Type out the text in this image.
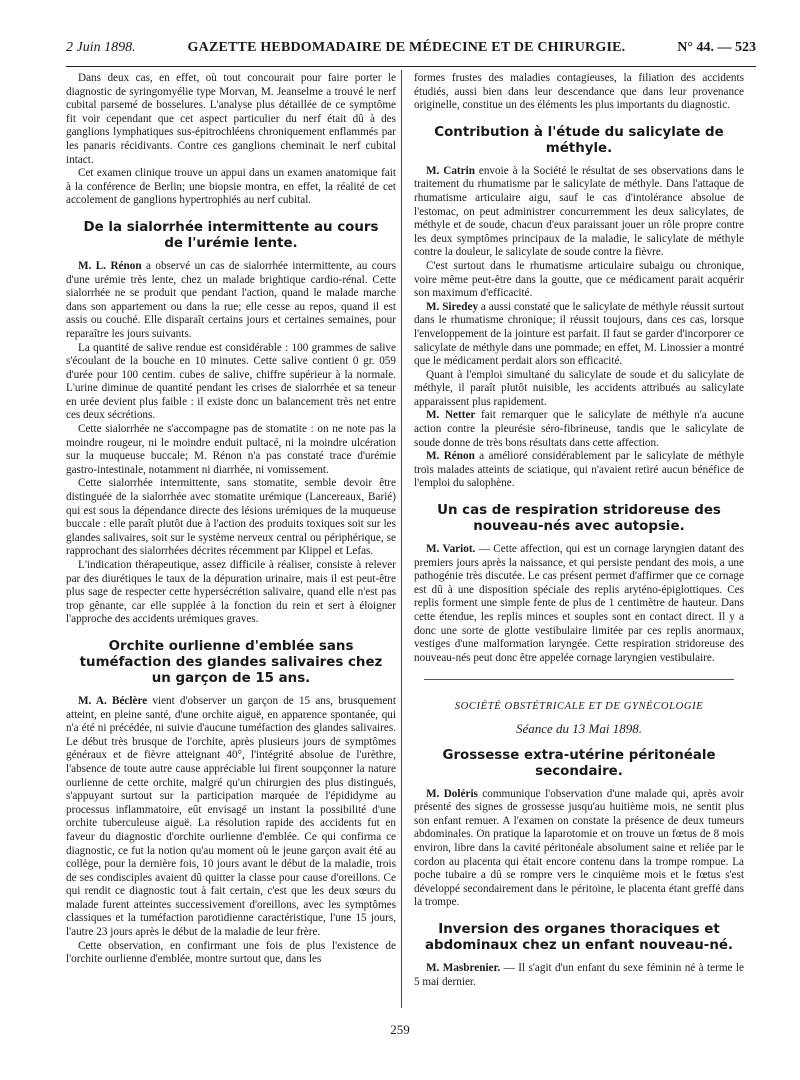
2 Juin 1898.	GAZETTE HEBDOMADAIRE DE MÉDECINE ET DE CHIRURGIE.	N° 44. — 523

Dans deux cas, en effet, où tout concourait pour faire porter le diagnostic de syringomyélie type Morvan, M. Jeanselme a trouvé le nerf cubital parsemé de bosselures. L'analyse plus détaillée de ce symptôme fit voir cependant que cet aspect particulier du nerf était dû à des ganglions lymphatiques sus-épitrochléens chroniquement enflammés par les panaris récidivants. Contre ces ganglions cheminait le nerf cubital intact.

Cet examen clinique trouve un appui dans un examen anatomique fait à la conférence de Berlin; une biopsie montra, en effet, la réalité de cet accolement de ganglions hypertrophiés au nerf cubital.

De la sialorrhée intermittente au cours de l'urémie lente.

M. L. Rénon a observé un cas de sialorrhée intermittente, au cours d'une urémie très lente, chez un malade brightique cardio-rénal. Cette sialorrhée ne se produit que pendant l'action, quand le malade marche dans son appartement ou dans la rue; elle cesse au repos, quand il est assis ou couché. Elle disparaît certains jours et certaines semaines, pour reparaître les jours suivants.

La quantité de salive rendue est considérable : 100 grammes de salive s'écoulant de la bouche en 10 minutes. Cette salive contient 0 gr. 059 d'urée pour 100 centim. cubes de salive, chiffre supérieur à la normale. L'urine diminue de quantité pendant les crises de sialorrhée et sa teneur en urée devient plus faible : il existe donc un balancement très net entre ces deux sécrétions.

Cette sialorrhée ne s'accompagne pas de stomatite : on ne note pas la moindre rougeur, ni le moindre enduit pultacé, ni la moindre ulcération sur la muqueuse buccale; M. Rénon n'a pas constaté trace d'urémie gastro-intestinale, notamment ni diarrhée, ni vomissement.

Cette sialorrhée intermittente, sans stomatite, semble devoir être distinguée de la sialorrhée avec stomatite urémique (Lancereaux, Barié) qui est sous la dépendance directe des lésions urémiques de la muqueuse buccale : elle paraît plutôt due à l'action des produits toxiques soit sur les glandes salivaires, soit sur le système nerveux central ou périphérique, se rapprochant des sialorrhées décrites récemment par Klippel et Lefas.

L'indication thérapeutique, assez difficile à réaliser, consiste à relever par des diurétiques le taux de la dépuration urinaire, mais il est peut-être plus sage de respecter cette hypersécrétion salivaire, quand elle n'est pas trop gênante, car elle supplée à la fonction du rein et sert à éloigner l'approche des accidents urémiques graves.

Orchite ourlienne d'emblée sans tuméfaction des glandes salivaires chez un garçon de 15 ans.

M. A. Béclère vient d'observer un garçon de 15 ans, brusquement atteint, en pleine santé, d'une orchite aiguë, en apparence spontanée, qui n'a été ni précédée, ni suivie d'aucune tuméfaction des glandes salivaires. Le début très brusque de l'orchite, après plusieurs jours de symptômes généraux et de fièvre atteignant 40°, l'intégrité absolue de l'urèthre, l'absence de toute autre cause appréciable lui firent soupçonner la nature ourlienne de cette orchite, malgré qu'un chirurgien des plus distingués, s'appuyant surtout sur la participation marquée de l'épididyme au processus inflammatoire, eût envisagé un instant la possibilité d'une orchite tuberculeuse aiguë. La résolution rapide des accidents fut en faveur du diagnostic d'orchite ourlienne d'emblée. Ce qui confirma ce diagnostic, ce fut la notion qu'au moment où le jeune garçon avait été au collège, pour la dernière fois, 10 jours avant le début de la maladie, trois de ses condisciples avaient dû quitter la classe pour cause d'oreillons. Ce qui rendit ce diagnostic tout à fait certain, c'est que les deux sœurs du malade furent atteintes successivement d'oreillons, avec les symptômes classiques et la tuméfaction parotidienne caractéristique, l'une 15 jours, l'autre 23 jours après le début de la maladie de leur frère.

Cette observation, en confirmant une fois de plus l'existence de l'orchite ourlienne d'emblée, montre surtout que, dans les

formes frustes des maladies contagieuses, la filiation des accidents étudiés, aussi bien dans leur descendance que dans leur provenance originelle, constitue un des éléments les plus importants du diagnostic.

Contribution à l'étude du salicylate de méthyle.

M. Catrin envoie à la Société le résultat de ses observations dans le traitement du rhumatisme par le salicylate de méthyle. Dans l'attaque de rhumatisme articulaire aigu, sauf le cas d'intolérance absolue de l'estomac, on peut administrer concurremment les deux salicylates, de méthyle et de soude, chacun d'eux paraissant jouer un rôle propre contre les deux symptômes principaux de la maladie, le salicylate de méthyle contre la douleur, le salicylate de soude contre la fièvre.

C'est surtout dans le rhumatisme articulaire subaigu ou chronique, voire même peut-être dans la goutte, que ce médicament parait acquérir son maximum d'efficacité.

M. Siredey a aussi constaté que le salicylate de méthyle réussit surtout dans le rhumatisme chronique; il réussit toujours, dans ces cas, lorsque l'enveloppement de la jointure est parfait. Il faut se garder d'incorporer ce salicylate de méthyle dans une pommade; en effet, M. Linossier a montré que le médicament perdait alors son efficacité.

Quant à l'emploi simultané du salicylate de soude et du salicylate de méthyle, il paraît plutôt nuisible, les accidents attribués au salicylate apparaissent plus rapidement.

M. Netter fait remarquer que le salicylate de méthyle n'a aucune action contre la pleurésie séro-fibrineuse, tandis que le salicylate de soude donne de très bons résultats dans cette affection.

M. Rénon a amélioré considérablement par le salicylate de méthyle trois malades atteints de sciatique, qui n'avaient retiré aucun bénéfice de l'emploi du salophène.

Un cas de respiration stridoreuse des nouveau-nés avec autopsie.

M. Variot. — Cette affection, qui est un cornage laryngien datant des premiers jours après la naissance, et qui persiste pendant des mois, a une pathogénie très discutée. Le cas présent permet d'affirmer que ce cornage est dû à une disposition spéciale des replis aryténo-épiglottiques. Ces replis forment une simple fente de plus de 1 centimètre de hauteur. Dans cette étendue, les replis minces et souples sont en contact direct. Il y a donc une sorte de glotte vestibulaire limitée par ces replis anormaux, vestiges d'une malformation laryngée. Cette respiration stridoreuse des nouveau-nés peut donc être appelée cornage laryngien vestibulaire.

SOCIÉTÉ OBSTÉTRICALE ET DE GYNÉCOLOGIE
Séance du 13 Mai 1898.
Grossesse extra-utérine péritonéale secondaire.

M. Doléris communique l'observation d'une malade qui, après avoir présenté des signes de grossesse jusqu'au huitième mois, ne sentit plus son enfant remuer. A l'examen on constate la présence de deux tumeurs abdominales. On pratique la laparotomie et on trouve un fœtus de 8 mois environ, libre dans la cavité péritonéale absolument saine et reliée par le cordon au placenta qui était encore contenu dans la trompe rompue. La poche tubaire a dû se rompre vers le cinquième mois et le fœtus s'est développé secondairement dans le péritoine, le placenta étant greffé dans la trompe.

Inversion des organes thoraciques et abdominaux chez un enfant nouveau-né.

M. Masbrenier. — Il s'agit d'un enfant du sexe féminin né à terme le 5 mai dernier.

259
